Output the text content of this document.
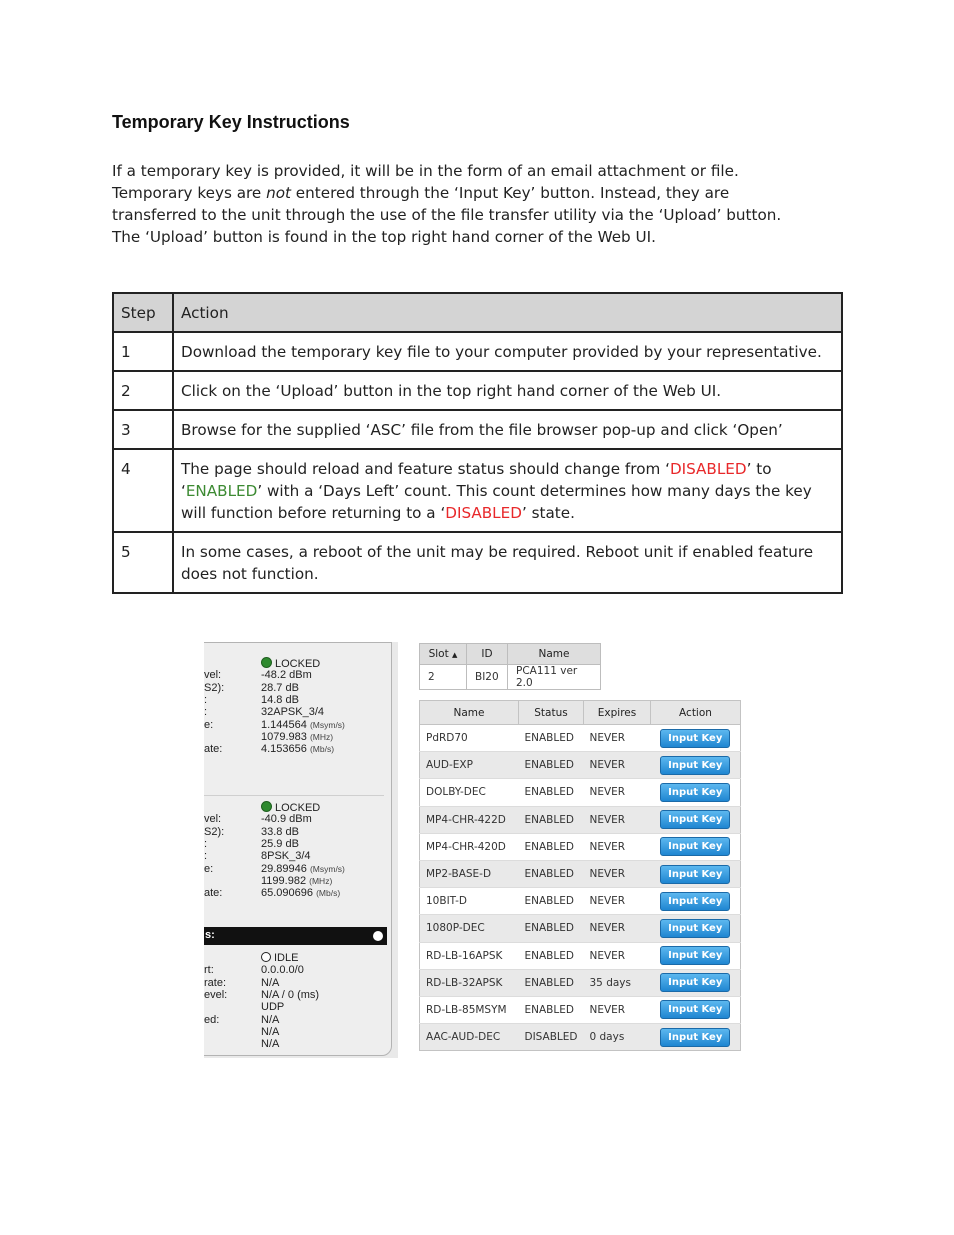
Temporary Key Instructions

If a temporary key is provided, it will be in the form of an email attachment or file.

Temporary keys are not entered through the ‘Input Key’ button. Instead, they are

transferred to the unit through the use of the file transfer utility via the ‘Upload’ button.

The ‘Upload’ button is found in the top right hand corner of the Web UI.

Step	Action
1	Download the temporary key file to your computer provided by your representative.
2	Click on the ‘Upload’ button in the top right hand corner of the Web UI.
3	Browse for the supplied ‘ASC’ file from the file browser pop-up and click ‘Open’
4	The page should reload and feature status should change from ‘DISABLED’ to ‘ENABLED’ with a ‘Days Left’ count. This count determines how many days the key will function before returning to a ‘DISABLED’ state.
5	In some cases, a reboot of the unit may be required. Reboot unit if enabled feature does not function.
LOCKED
vel:	-48.2 dBm
S2):	28.7 dB
:	14.8 dB
:	32APSK_3/4
e:	1.144564 (Msym/s)
1079.983 (MHz)
ate:	4.153656 (Mb/s)
LOCKED
vel:	-40.9 dBm
S2):	33.8 dB
:	25.9 dB
:	8PSK_3/4
e:	29.89946 (Msym/s)
1199.982 (MHz)
ate:	65.090696 (Mb/s)
s:
IDLE
rt:	0.0.0.0/0
rate:	N/A
evel:	N/A / 0 (ms)
UDP
ed:	N/A
N/A
N/A
Slot ▲	ID	Name
2	BI20	PCA111 ver 2.0
Name	Status	Expires	Action
PdRD70	ENABLED	NEVER	Input Key
AUD-EXP	ENABLED	NEVER	Input Key
DOLBY-DEC	ENABLED	NEVER	Input Key
MP4-CHR-422D	ENABLED	NEVER	Input Key
MP4-CHR-420D	ENABLED	NEVER	Input Key
MP2-BASE-D	ENABLED	NEVER	Input Key
10BIT-D	ENABLED	NEVER	Input Key
1080P-DEC	ENABLED	NEVER	Input Key
RD-LB-16APSK	ENABLED	NEVER	Input Key
RD-LB-32APSK	ENABLED	35 days	Input Key
RD-LB-85MSYM	ENABLED	NEVER	Input Key
AAC-AUD-DEC	DISABLED	0 days	Input Key
